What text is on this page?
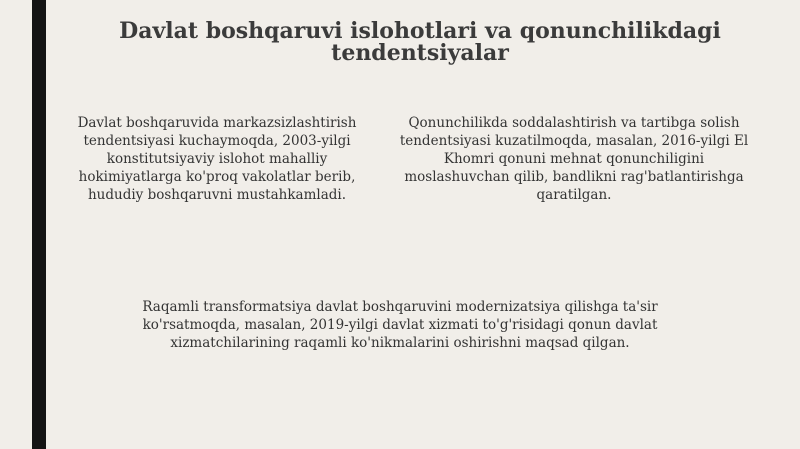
Davlat boshqaruvi islohotlari va qonunchilikdagi tendentsiyalar

Davlat boshqaruvida markazsizlashtirish tendentsiyasi kuchaymoqda, 2003-yilgi konstitutsiyaviy islohot mahalliy hokimiyatlarga ko'proq vakolatlar berib, hududiy boshqaruvni mustahkamladi.

Qonunchilikda soddalashtirish va tartibga solish tendentsiyasi kuzatilmoqda, masalan, 2016-yilgi El Khomri qonuni mehnat qonunchiligini moslashuvchan qilib, bandlikni rag'batlantirishga qaratilgan.

Raqamli transformatsiya davlat boshqaruvini modernizatsiya qilishga ta'sir ko'rsatmoqda, masalan, 2019-yilgi davlat xizmati to'g'risidagi qonun davlat xizmatchilarining raqamli ko'nikmalarini oshirishni maqsad qilgan.
